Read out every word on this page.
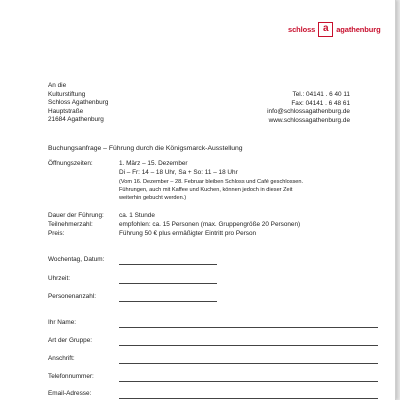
schloss a	agathenburg
An die
Kulturstiftung
Schloss Agathenburg
Hauptstraße
21684 Agathenburg
Tel.: 04141 . 6 40 11
Fax: 04141 . 6 48 61
info@schlossagathenburg.de
www.schlossagathenburg.de
Buchungsanfrage – Führung durch die Königsmarck-Ausstellung
Öffnungszeiten:	1. März – 15. Dezember
Di – Fr: 14 – 18 Uhr, Sa + So: 11 – 18 Uhr
(Vom 16. Dezember – 28. Februar bleiben Schloss und Café geschlossen.
Führungen, auch mit Kaffee und Kuchen, können jedoch in dieser Zeit
weiterhin gebucht werden.)
Dauer der Führung: ca. 1 Stunde
Teilnehmerzahl:	empfohlen: ca. 15 Personen (max. Gruppengröße 20 Personen)
Preis:	Führung 50 € plus ermäßigter Eintritt pro Person
Wochentag, Datum:
Uhrzeit:
Personenanzahl:
Ihr Name:
Art der Gruppe:
Anschrift:
Telefonnummer:
Email-Adresse:
